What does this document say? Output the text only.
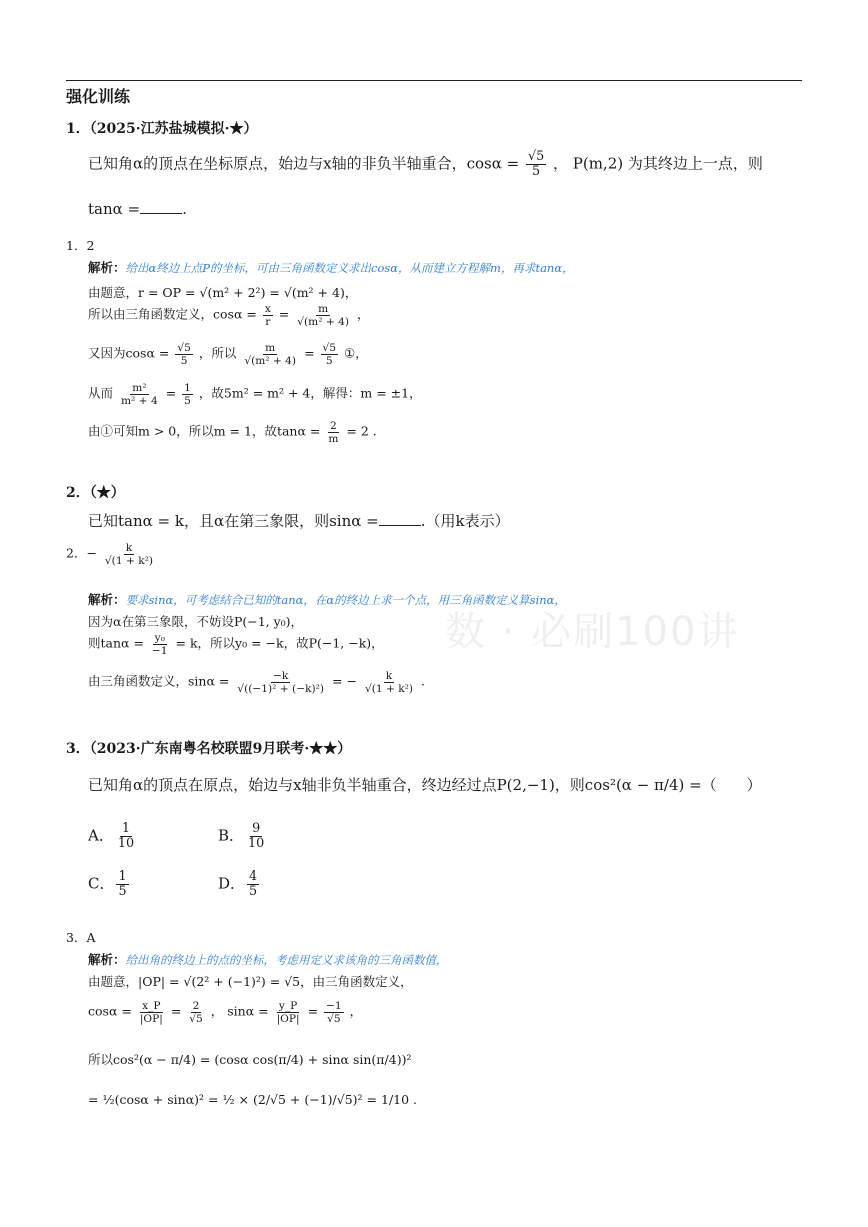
数 · 必刷100讲
强化训练
1．（2025·江苏盐城模拟·★）
已知角α的顶点在坐标原点，始边与x轴的非负半轴重合，$\cos\alpha = \frac{√5}{5}$ ， P(m,2) 为其终边上一点，则
tanα =	.
1．2
解析：给出α终边上点P的坐标，可由三角函数定义求出cosα，从而建立方程解m，再求tanα，
由题意，r = OP = √(m² + 2²) = √(m² + 4)，
所以由三角函数定义，$\cos\alpha = \frac{x}{r} = \frac{m}{\text{√(m² + 4)}}$ ，
又因为$\cos\alpha = \frac{√5}{5}$ ，所以 $\frac{m}{\text{√(m² + 4)}} = \frac{√5}{5}$ ①，
从而 $\frac{\text{m²}}{\text{m² + 4}} = \frac{1}{5}$ ，故5m² = m² + 4，解得：m = ±1，
由①可知m > 0，所以m = 1，故$\tan\alpha = \frac{2}{m} = 2$ .
2．（★）
已知tanα = k，且α在第三象限，则sinα =	.（用k表示）
2．− $\frac{k}{\text{√(1 + k²)}}$
解析：要求sinα，可考虑结合已知的tanα，在α的终边上求一个点，用三角函数定义算sinα，
因为α在第三象限，不妨设P(−1, y₀)，
则$\tan\alpha = \frac{\text{y₀}}{-1} = k$，所以y₀ = −k，故P(−1, −k)，
由三角函数定义，$\sin\alpha = \frac{-k}{\text{√((−1)² + (−k)²)}}$ = − $\frac{k}{\text{√(1 + k²)}}$ .
3．（2023·广东南粤名校联盟9月联考·★★）
已知角α的顶点在原点，始边与x轴非负半轴重合，终边经过点P(2,−1)，则cos²(α − π/4) =（　　）
A． $\frac{1}{10}$	B． $\frac{9}{10}$
C． $\frac{1}{5}$	D． $\frac{4}{5}$
3．A
解析：给出角的终边上的点的坐标，考虑用定义求该角的三角函数值，
由题意，|OP| = √(2² + (−1)²) = √5，由三角函数定义，
$\cos\alpha = \frac{x\_P}{|OP|} = \frac{2}{√5}$ ， $\sin\alpha = \frac{y\_P}{|OP|} = \frac{-1}{√5}$ ，
所以cos²(α − π/4) = (cosα cos(π/4) + sinα sin(π/4))²
= ½(cosα + sinα)² = ½ × (2/√5 + (−1)/√5)² = 1/10 .
